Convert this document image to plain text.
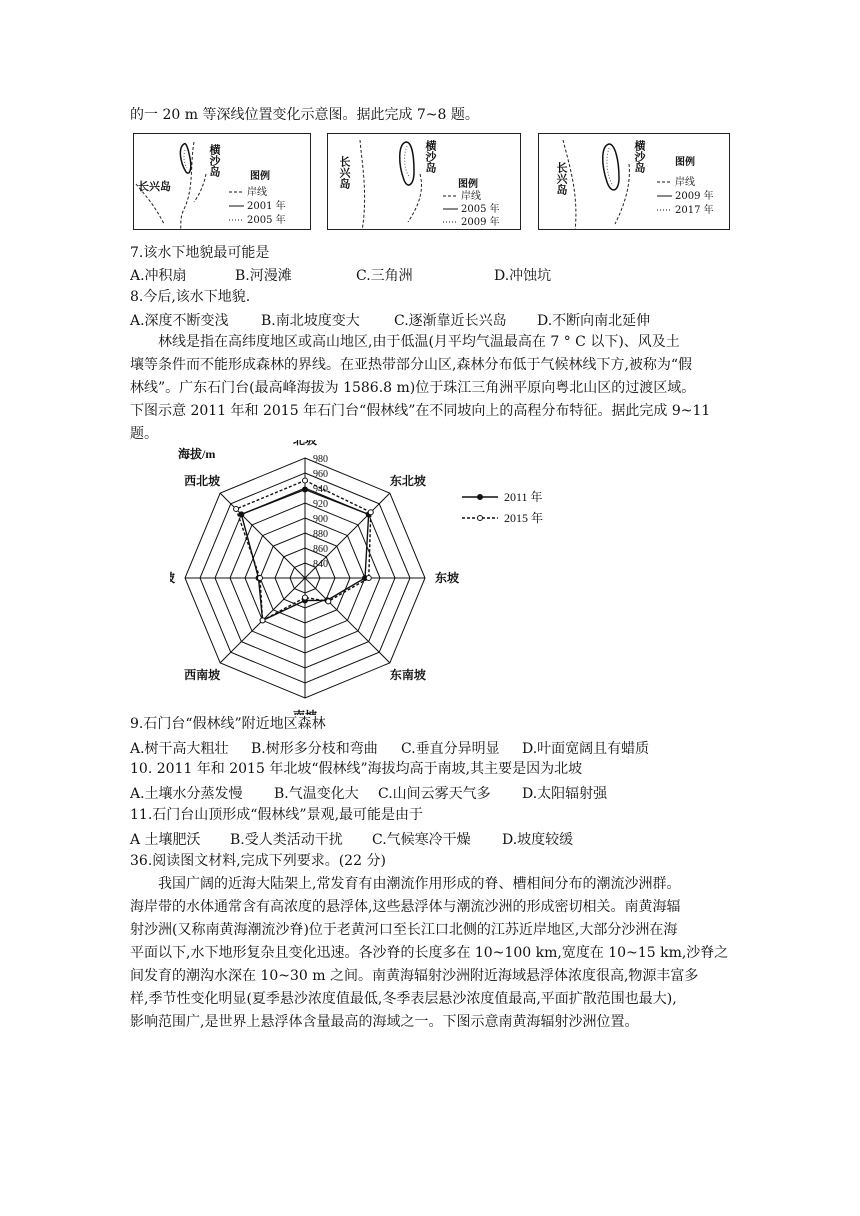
的一 20 m 等深线位置变化示意图。据此完成 7~8 题。
长兴岛
横沙岛	图例
岸线
2001 年
2005 年
长兴岛	横沙岛
图例
岸线
2005 年
2009 年
长兴岛
横沙岛	图例
岸线
2009 年
2017 年
7.该水下地貌最可能是
A.冲积扇	B.河漫滩	C.三角洲	D.冲蚀坑
8.今后,该水下地貌.
A.深度不断变浅 B.南北坡度变大 C.逐渐靠近长兴岛 D.不断向南北延伸
　　林线是指在高纬度地区或高山地区,由于低温(月平均气温最高在 7 ° C 以下)、风及土
壤等条件而不能形成森林的界线。在亚热带部分山区,森林分布低于气候林线下方,被称为“假
林线”。广东石门台(最高峰海拔为 1586.8 m)位于珠江三角洲平原向粤北山区的过渡区域。
下图示意 2011 年和 2015 年石门台“假林线”在不同坡向上的高程分布特征。据此完成 9~11
题。
840
860
880
900
920
940
960
980
北坡
东北坡
东坡
东南坡
西南坡
西北坡
海拔/m
2011 年
2015 年
9.石门台“假林线”附近地区森林
A.树干高大粗壮 B.树形多分枝和弯曲 C.垂直分异明显 D.叶面宽阔且有蜡质
10. 2011 年和 2015 年北坡“假林线”海拔均高于南坡,其主要是因为北坡
A.土壤水分蒸发慢 B.气温变化大 C.山间云雾天气多 D.太阳辐射强
11.石门台山顶形成“假林线”景观,最可能是由于
A 土壤肥沃 B.受人类活动干扰 C.气候寒冷干燥 D.坡度较缓
36.阅读图文材料,完成下列要求。(22 分)
　　我国广阔的近海大陆架上,常发育有由潮流作用形成的脊、槽相间分布的潮流沙洲群。
海岸带的水体通常含有高浓度的悬浮体,这些悬浮体与潮流沙洲的形成密切相关。南黄海辐
射沙洲(又称南黄海潮流沙脊)位于老黄河口至长江口北侧的江苏近岸地区,大部分沙洲在海
平面以下,水下地形复杂且变化迅速。各沙脊的长度多在 10~100 km,宽度在 10~15 km,沙脊之
间发育的潮沟水深在 10~30 m 之间。南黄海辐射沙洲附近海域悬浮体浓度很高,物源丰富多
样,季节性变化明显(夏季悬沙浓度值最低,冬季表层悬沙浓度值最高,平面扩散范围也最大),
影响范围广,是世界上悬浮体含量最高的海域之一。下图示意南黄海辐射沙洲位置。
